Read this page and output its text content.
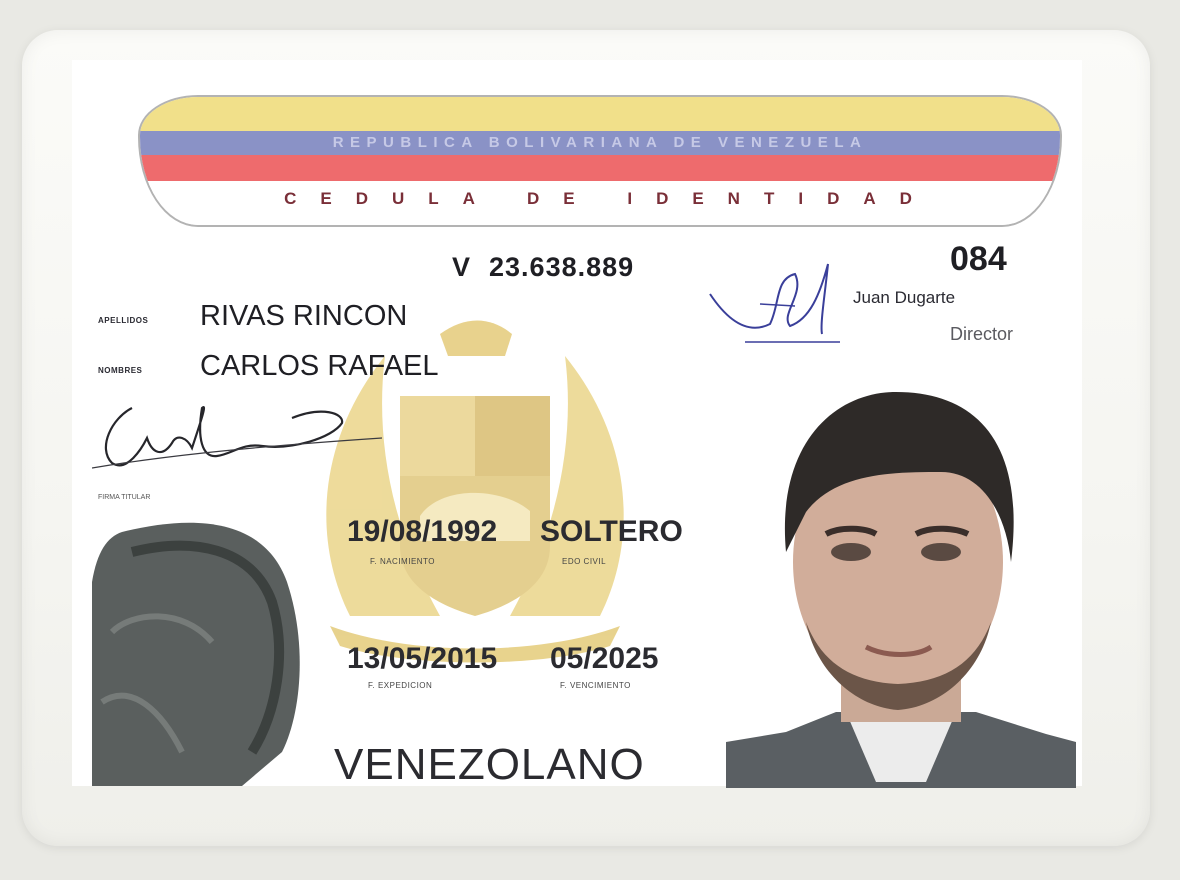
REPUBLICA BOLIVARIANA DE VENEZUELA
CEDULA DE IDENTIDAD
V 23.638.889	084
Juan Dugarte
Director
APELLIDOS RIVAS RINCON
NOMBRES CARLOS RAFAEL
FIRMA TITULAR
19/08/1992 SOLTERO
F. NACIMIENTO	EDO CIVIL
13/05/2015 05/2025
F. EXPEDICION	F. VENCIMIENTO
VENEZOLANO
